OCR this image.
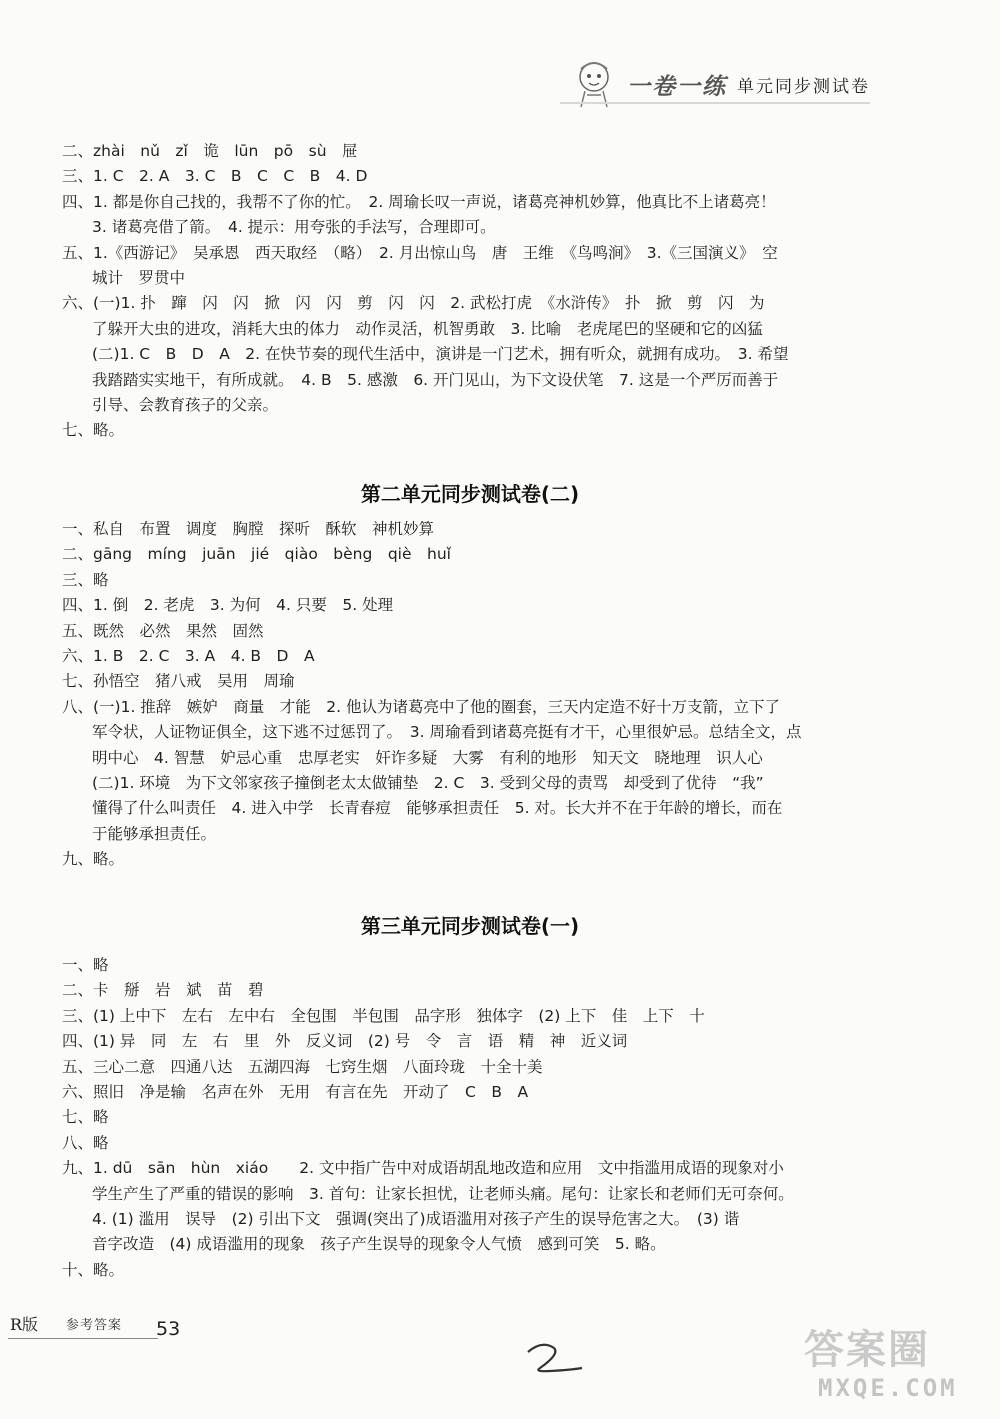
一卷一练 单元同步测试卷
二、zhài　nǔ　zǐ　诡　lūn　pō　sù　屉
三、1. C　2. A　3. C　B　C　C　B　4. D
四、1. 都是你自己找的，我帮不了你的忙。　2. 周瑜长叹一声说，诸葛亮神机妙算，他真比不上诸葛亮！
3. 诸葛亮借了箭。　4. 提示：用夸张的手法写，合理即可。
五、1.《西游记》　吴承恩　西天取经　（略）　2. 月出惊山鸟　唐　王维　《鸟鸣涧》　3.《三国演义》　空
城计　罗贯中
六、(一)1. 扑　蹿　闪　闪　掀　闪　闪　剪　闪　闪　2. 武松打虎　《水浒传》　扑　掀　剪　闪　为
了躲开大虫的进攻，消耗大虫的体力　动作灵活，机智勇敢　3. 比喻　老虎尾巴的坚硬和它的凶猛
(二)1. C　B　D　A　2. 在快节奏的现代生活中，演讲是一门艺术，拥有听众，就拥有成功。　3. 希望
我踏踏实实地干，有所成就。　4. B　5. 感激　6. 开门见山，为下文设伏笔　7. 这是一个严厉而善于
引导、会教育孩子的父亲。
七、略。
第二单元同步测试卷(二)
一、私自　布置　调度　胸膛　探听　酥软　神机妙算
二、gāng　míng　juān　jié　qiào　bèng　qiè　huǐ
三、略
四、1. 倒　2. 老虎　3. 为何　4. 只要　5. 处理
五、既然　必然　果然　固然
六、1. B　2. C　3. A　4. B　D　A
七、孙悟空　猪八戒　吴用　周瑜
八、(一)1. 推辞　嫉妒　商量　才能　2. 他认为诸葛亮中了他的圈套，三天内定造不好十万支箭，立下了
军令状，人证物证俱全，这下逃不过惩罚了。　3. 周瑜看到诸葛亮挺有才干，心里很妒忌。总结全文，点
明中心　4. 智慧　妒忌心重　忠厚老实　奸诈多疑　大雾　有利的地形　知天文　晓地理　识人心
(二)1. 环境　为下文邻家孩子撞倒老太太做铺垫　2. C　3. 受到父母的责骂　却受到了优待　“我”
懂得了什么叫责任　4. 进入中学　长青春痘　能够承担责任　5. 对。长大并不在于年龄的增长，而在
于能够承担责任。
九、略。
第三单元同步测试卷(一)
一、略
二、卡　掰　岩　斌　苗　碧
三、(1) 上中下　左右　左中右　全包围　半包围　品字形　独体字　(2) 上下　佳　上下　十
四、(1) 异　同　左　右　里　外　反义词　(2) 号　令　言　语　精　神　近义词
五、三心二意　四通八达　五湖四海　七窍生烟　八面玲珑　十全十美
六、照旧　净是输　名声在外　无用　有言在先　开动了　C　B　A
七、略
八、略
九、1. dū　sān　hùn　xiáo　　2. 文中指广告中对成语胡乱地改造和应用　文中指滥用成语的现象对小
学生产生了严重的错误的影响　3. 首句：让家长担忧，让老师头痛。尾句：让家长和老师们无可奈何。
4. (1) 滥用　误导　(2) 引出下文　强调(突出了)成语滥用对孩子产生的误导危害之大。　(3) 谐
音字改造　(4) 成语滥用的现象　孩子产生误导的现象令人气愤　感到可笑　5. 略。
十、略。
R版 参考答案 53	答案圈
MXQE.COM
